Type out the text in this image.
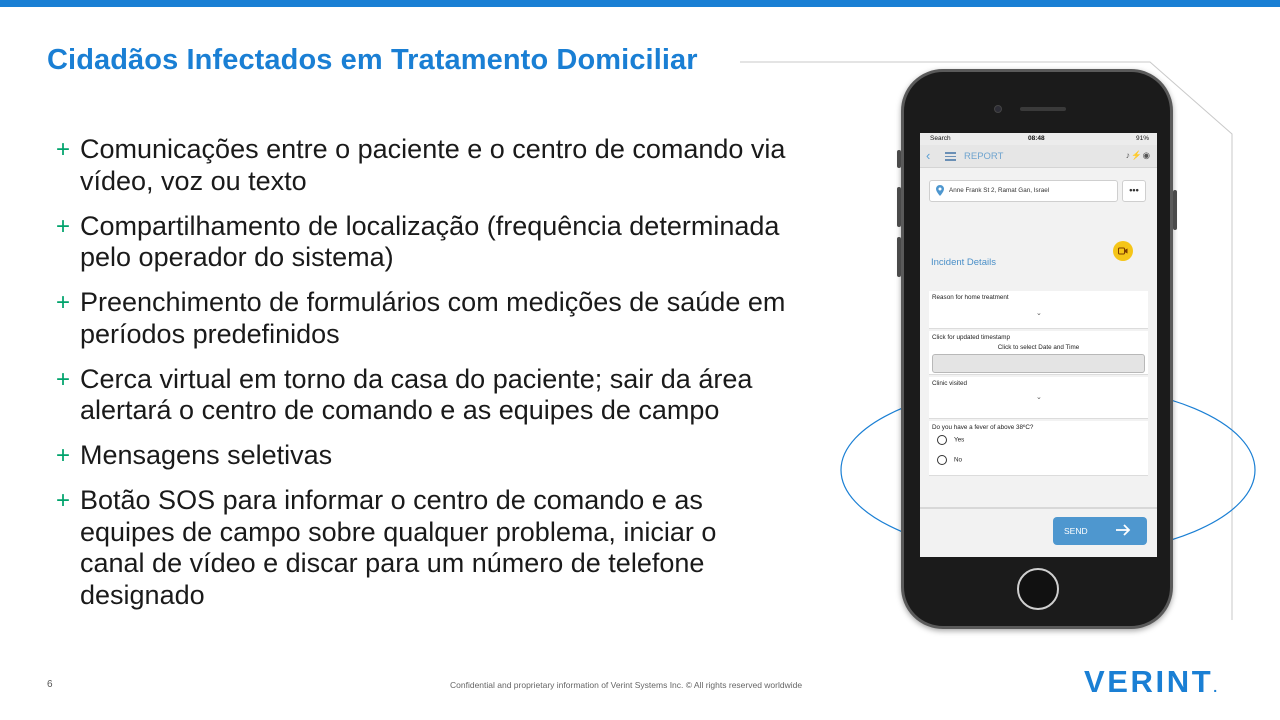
Cidadãos Infectados em Tratamento Domiciliar
+ Comunicações entre o paciente e o centro de comando via vídeo, voz ou texto
+ Compartilhamento de localização (frequência determinada pelo operador do sistema)
+ Preenchimento de formulários com medições de saúde em períodos predefinidos
+ Cerca virtual em torno da casa do paciente; sair da área alertará o centro de comando e as equipes de campo
+ Mensagens seletivas
+ Botão SOS para informar o centro de comando e as equipes de campo sobre qualquer problema, iniciar o canal de vídeo e discar para um número de telefone designado
Search	08:48	91%
‹	REPORT	♪⚡◉
Anne Frank St 2, Ramat Gan, Israel	•••
Incident Details
Reason for home treatment
⌄
Click for updated timestamp
Click to select Date and Time
Clinic visited
⌄
Do you have a fever of above 38ºC?
Yes
No
SEND
6	Confidential and proprietary information of Verint Systems Inc. © All rights reserved worldwide	VERINT.
